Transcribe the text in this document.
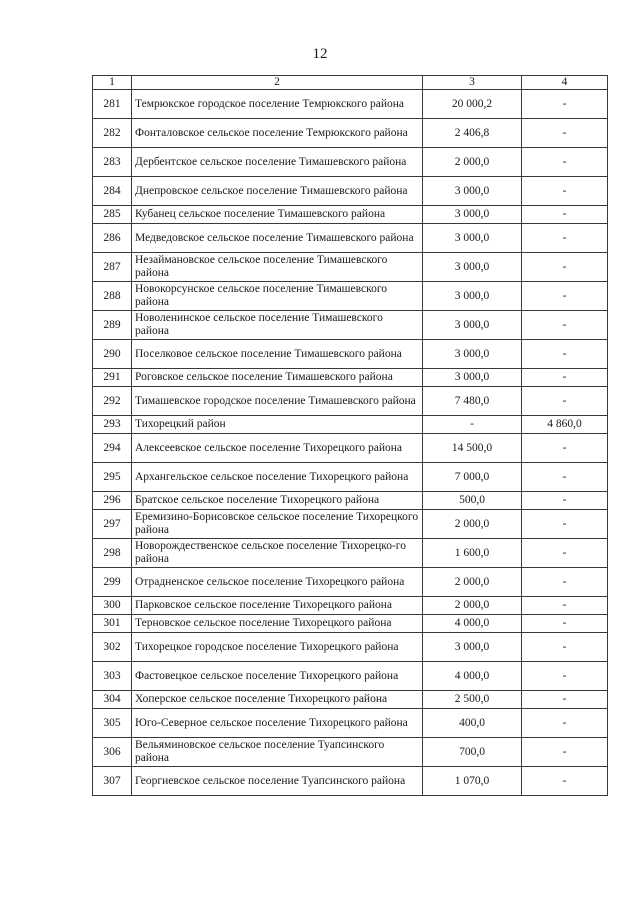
12
1	2	3	4
281	Темрюкское городское поселение Темрюкского района	20 000,2	-
282	Фонталовское сельское поселение Темрюкского района	2 406,8	-
283	Дербентское сельское поселение Тимашевского района	2 000,0	-
284	Днепровское сельское поселение Тимашевского района	3 000,0	-
285	Кубанец сельское поселение Тимашевского района	3 000,0	-
286	Медведовское сельское поселение Тимашевского района	3 000,0	-
287	Незаймановское сельское поселение Тимашевского района	3 000,0	-
288	Новокорсунское сельское поселение Тимашевского района	3 000,0	-
289	Новоленинское сельское поселение Тимашевского района	3 000,0	-
290	Поселковое сельское поселение Тимашевского района	3 000,0	-
291	Роговское сельское поселение Тимашевского района	3 000,0	-
292	Тимашевское городское поселение Тимашевского района	7 480,0	-
293	Тихорецкий район	-	4 860,0
294	Алексеевское сельское поселение Тихорецкого района	14 500,0	-
295	Архангельское сельское поселение Тихорецкого района	7 000,0	-
296	Братское сельское поселение Тихорецкого района	500,0	-
297	Еремизино-Борисовское сельское поселение Тихорецкого района	2 000,0	-
298	Новорождественское сельское поселение Тихорецко-го района	1 600,0	-
299	Отрадненское сельское поселение Тихорецкого района	2 000,0	-
300	Парковское сельское поселение Тихорецкого района	2 000,0	-
301	Терновское сельское поселение Тихорецкого района	4 000,0	-
302	Тихорецкое городское поселение Тихорецкого района	3 000,0	-
303	Фастовецкое сельское поселение Тихорецкого района	4 000,0	-
304	Хоперское сельское поселение Тихорецкого района	2 500,0	-
305	Юго-Северное сельское поселение Тихорецкого района	400,0	-
306	Вельяминовское сельское поселение Туапсинского района	700,0	-
307	Георгиевское сельское поселение Туапсинского района	1 070,0	-
